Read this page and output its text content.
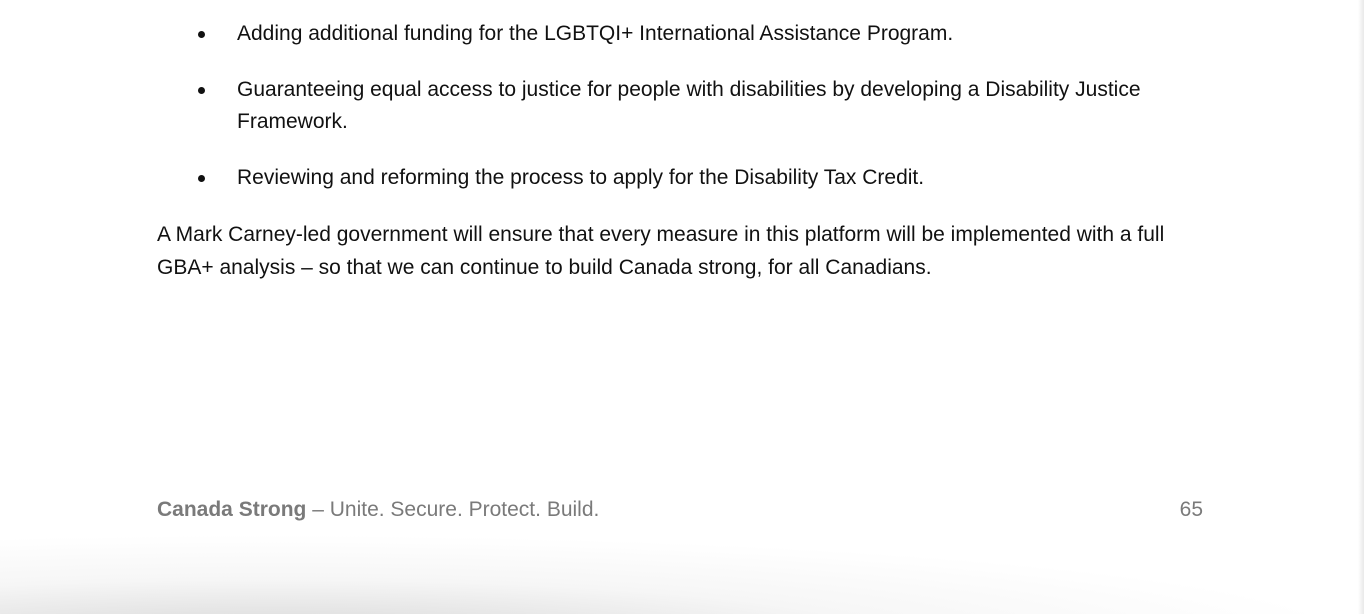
Adding additional funding for the LGBTQI+ International Assistance Program.
Guaranteeing equal access to justice for people with disabilities by developing a Disability Justice Framework.
Reviewing and reforming the process to apply for the Disability Tax Credit.

A Mark Carney-led government will ensure that every measure in this platform will be implemented with a full GBA+ analysis – so that we can continue to build Canada strong, for all Canadians.

Canada Strong – Unite. Secure. Protect. Build.	65
